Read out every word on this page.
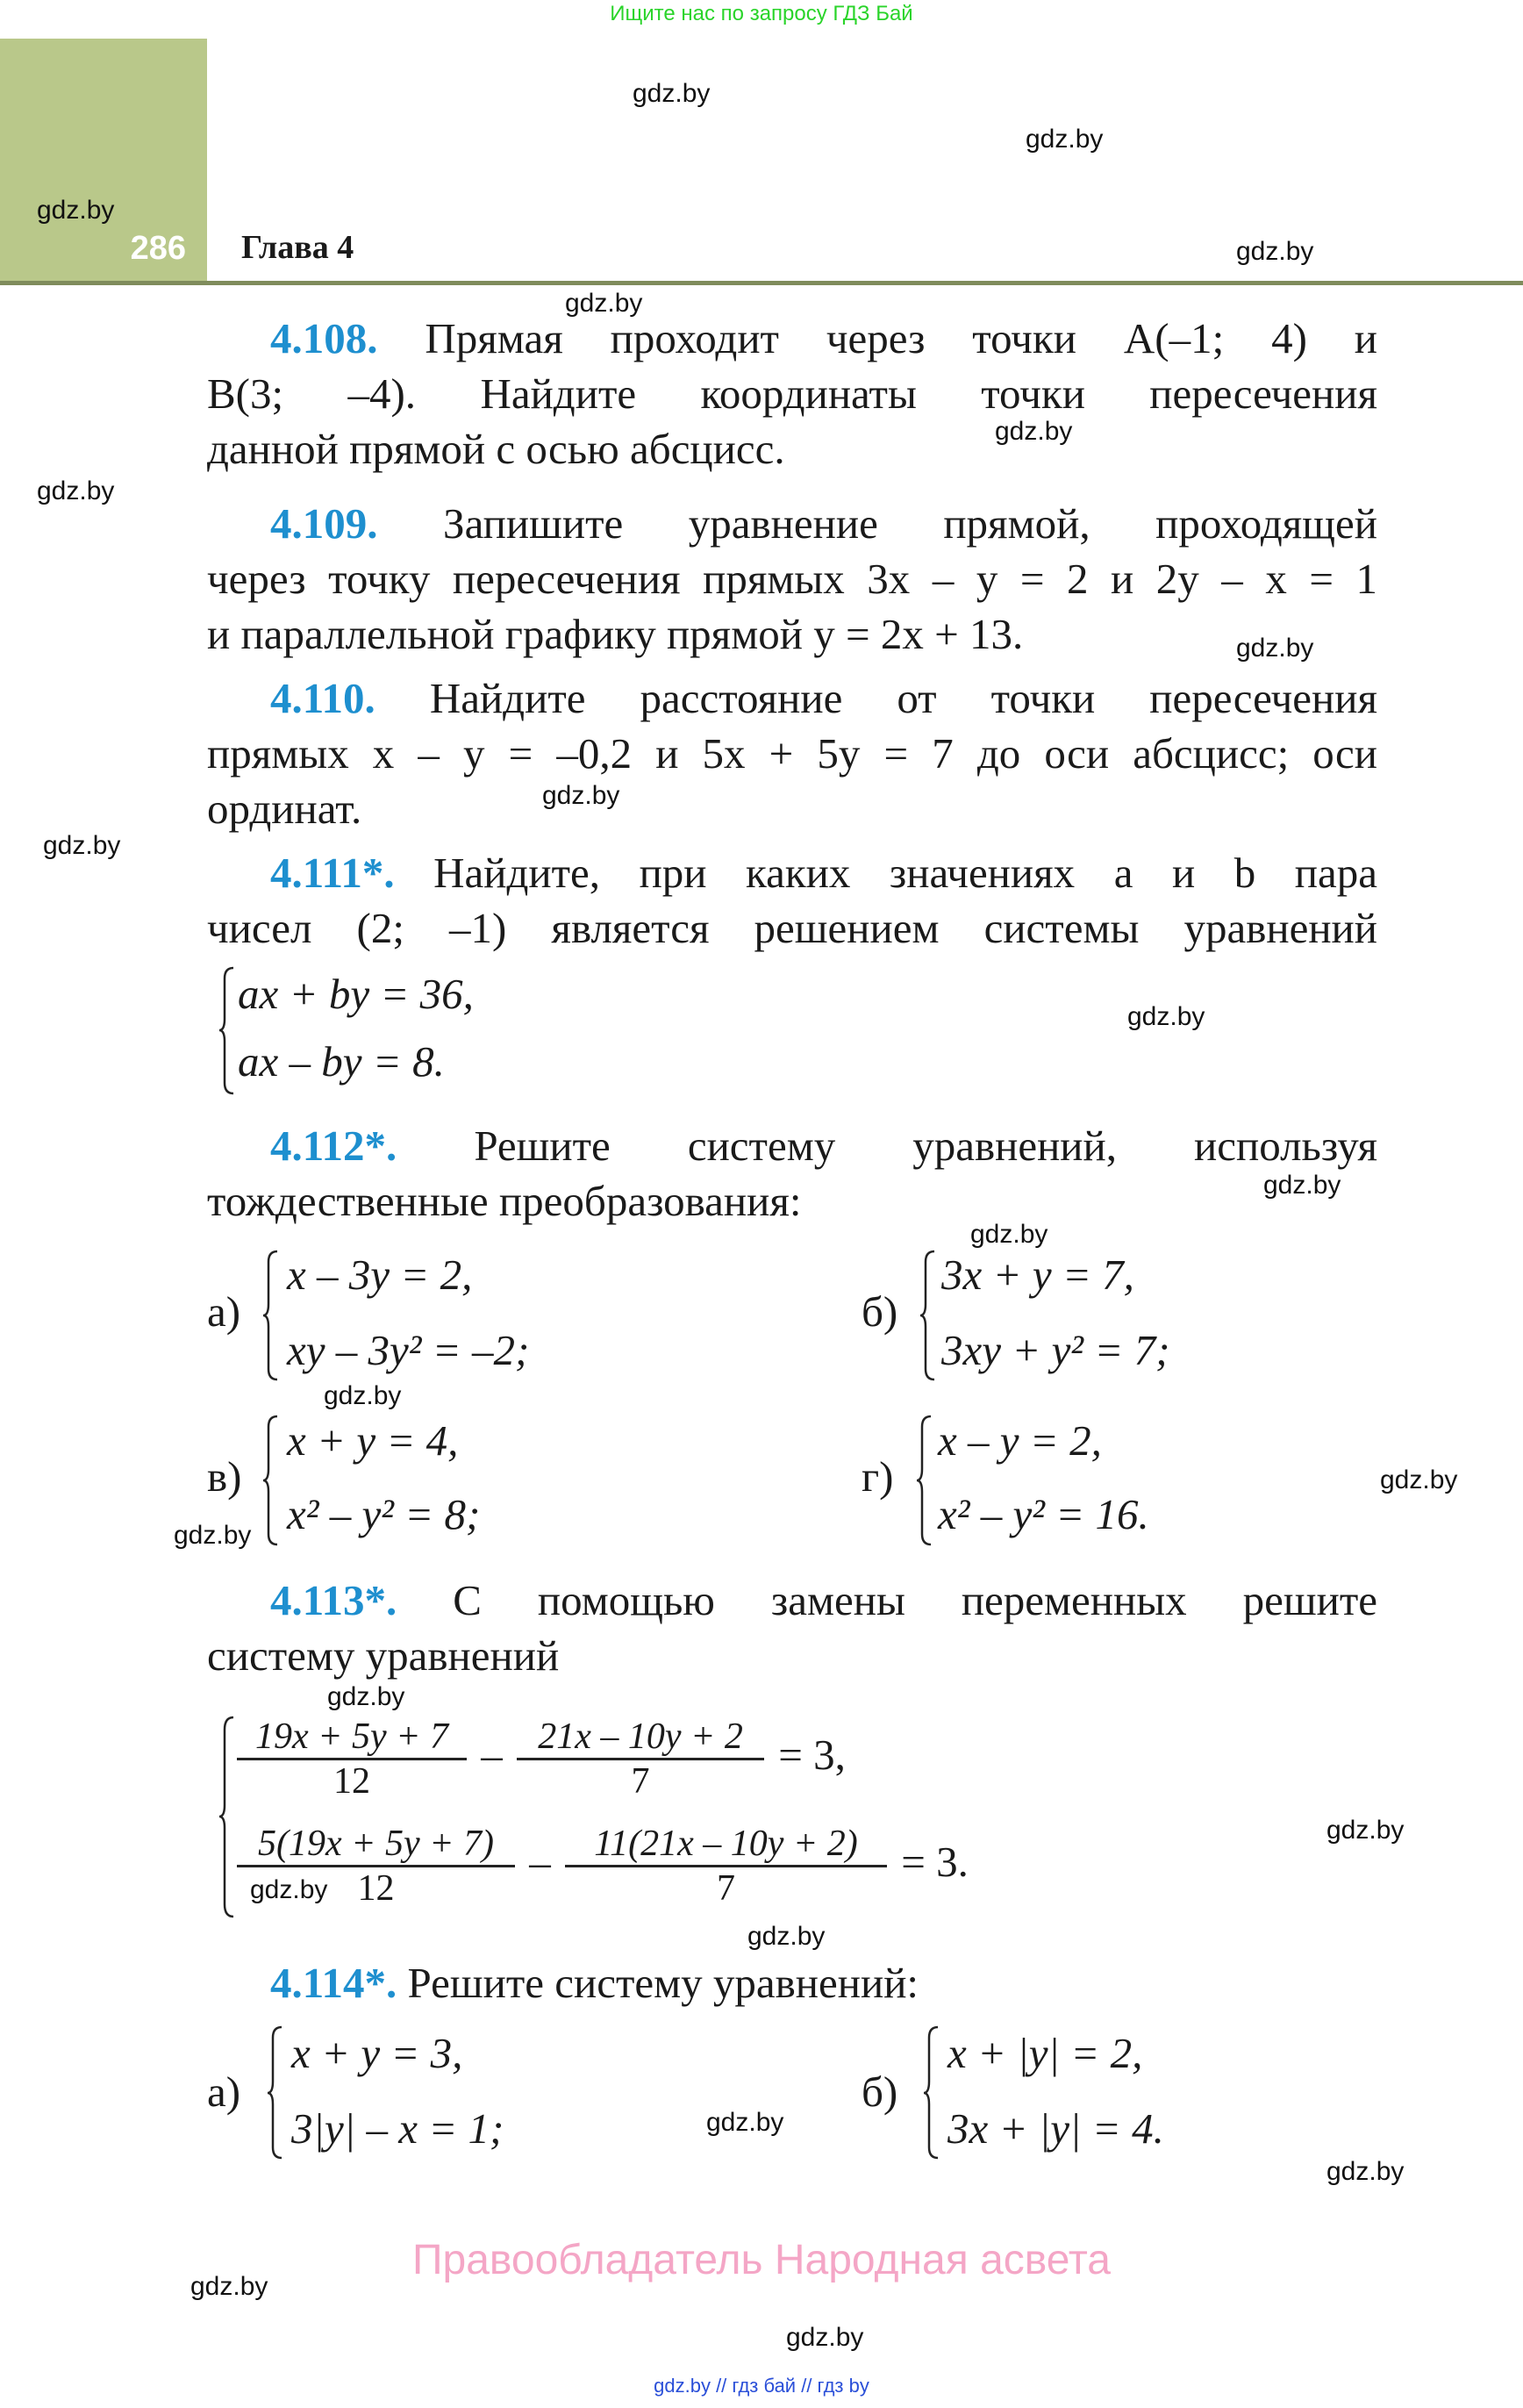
Ищите нас по запросу ГДЗ Бай
286 Глава 4
4.108. Прямая проходит через точки A(–1; 4) и
B(3; –4). Найдите координаты точки пересечения
данной прямой с осью абсцисс.
4.109. Запишите уравнение прямой, проходящей
через точку пересечения прямых 3x – y = 2 и 2y – x = 1
и параллельной графику прямой y = 2x + 13.
4.110. Найдите расстояние от точки пересечения
прямых x – y = –0,2 и 5x + 5y = 7 до оси абсцисс; оси
ординат.
4.111*. Найдите, при каких значениях a и b пара
чисел (2; –1) является решением системы уравнений
ax + by = 36,
ax – by = 8.
4.112*. Решите систему уравнений, используя
тождественные преобразования:
а)
x – 3y = 2,
xy – 3y² = –2;
б)
3x + y = 7,
3xy + y² = 7;
в)
x + y = 4,
x² – y² = 8;
г)
x – y = 2,
x² – y² = 16.
4.113*. С помощью замены переменных решите
систему уравнений
$\frac{19x + 5y + 7}{12} - \frac{21x - 10y + 2}{7} = 3$,
$\frac{5(19x + 5y + 7)}{12} - \frac{11(21x - 10y + 2)}{7} = 3$.
4.114*. Решите систему уравнений:
а)
x + y = 3,
3|y| – x = 1;
б)
x + |y| = 2,
3x + |y| = 4.
Правообладатель Народная асвета
gdz.by // гдз бай // гдз by
gdz.by
gdz.by
gdz.by
gdz.by
gdz.by
gdz.by
gdz.by
gdz.by
gdz.by
gdz.by
gdz.by
gdz.by
gdz.by
gdz.by
gdz.by
gdz.by
gdz.by
gdz.by
gdz.by
gdz.by
gdz.by
gdz.by
gdz.by
gdz.by
